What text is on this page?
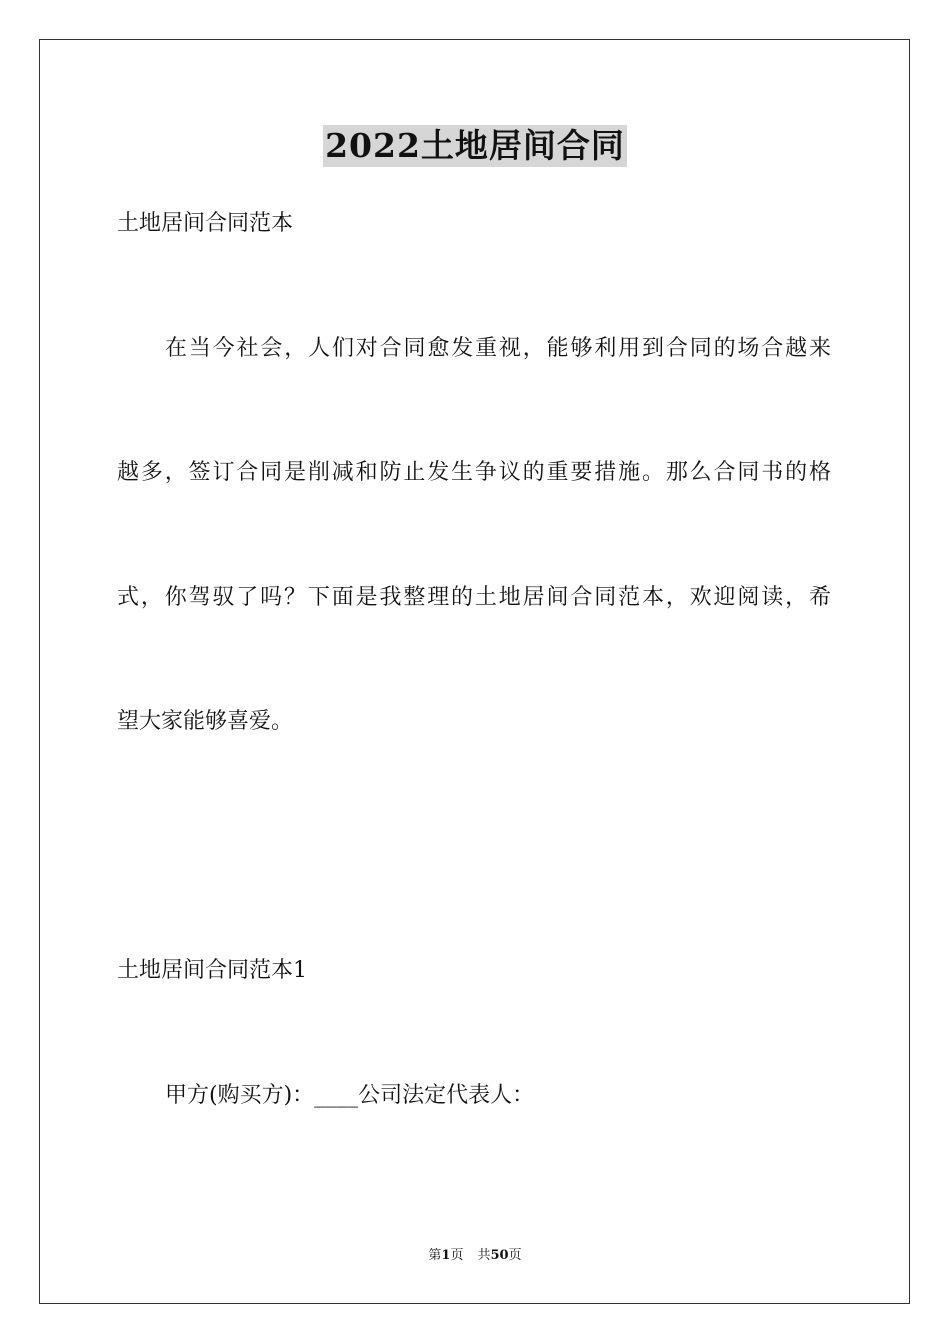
2022土地居间合同
土地居间合同范本
在当今社会，人们对合同愈发重视，能够利用到合同的场合越来
越多，签订合同是削减和防止发生争议的重要措施。那么合同书的格
式，你驾驭了吗？下面是我整理的土地居间合同范本，欢迎阅读，希
望大家能够喜爱。
土地居间合同范本1
甲方(购买方)：____公司法定代表人：
第1页 共50页
